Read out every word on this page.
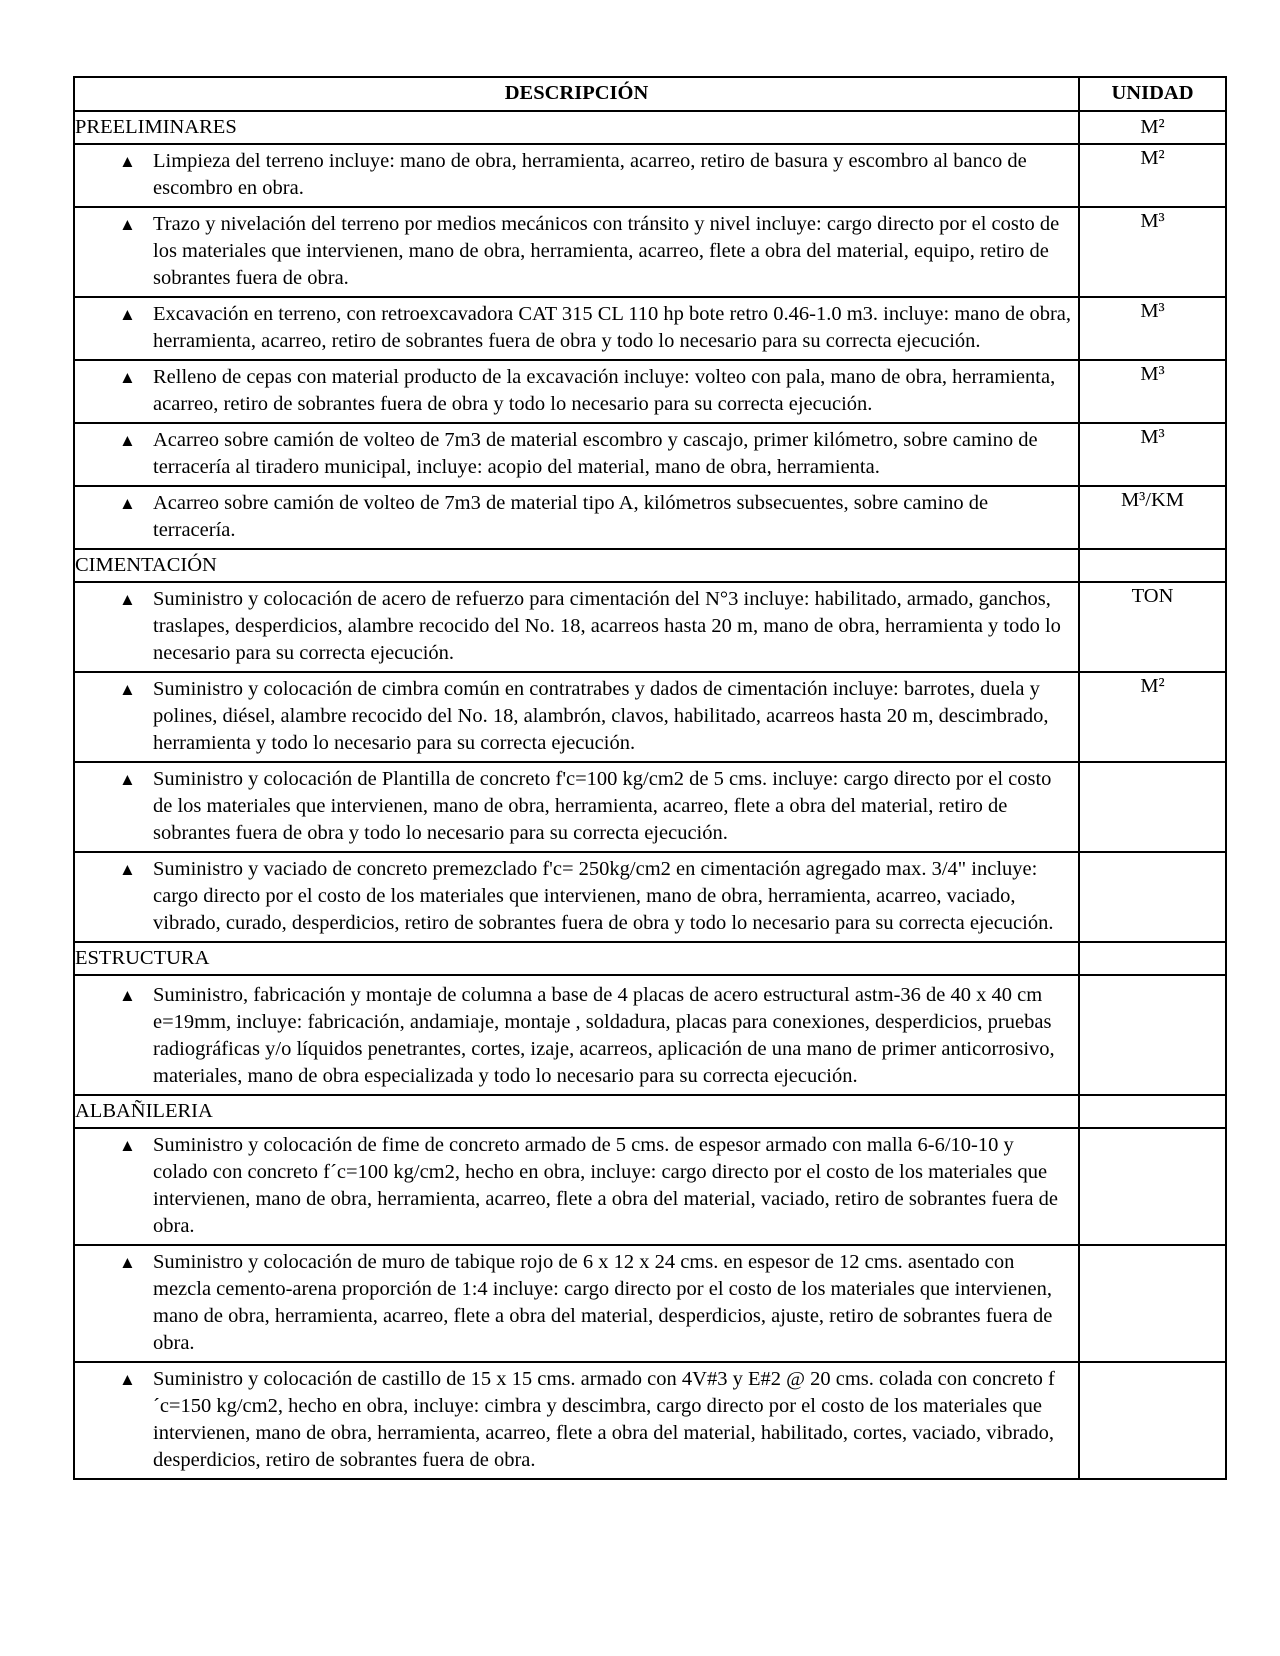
DESCRIPCIÓN	UNIDAD
PREELIMINARES	M²

▲ Limpieza del terreno incluye: mano de obra, herramienta, acarreo, retiro de basura y escombro al banco de escombro en obra.	M²

▲ Trazo y nivelación del terreno por medios mecánicos con tránsito y nivel incluye: cargo directo por el costo de los materiales que intervienen, mano de obra, herramienta, acarreo, flete a obra del material, equipo, retiro de sobrantes fuera de obra.	M³

▲ Excavación en terreno, con retroexcavadora CAT 315 CL 110 hp bote retro 0.46-1.0 m3. incluye: mano de obra, herramienta, acarreo, retiro de sobrantes fuera de obra y todo lo necesario para su correcta ejecución.	M³

▲ Relleno de cepas con material producto de la excavación incluye: volteo con pala, mano de obra, herramienta, acarreo, retiro de sobrantes fuera de obra y todo lo necesario para su correcta ejecución.	M³

▲ Acarreo sobre camión de volteo de 7m3 de material escombro y cascajo, primer kilómetro, sobre camino de terracería al tiradero municipal, incluye: acopio del material, mano de obra, herramienta.	M³

▲ Acarreo sobre camión de volteo de 7m3 de material tipo A, kilómetros subsecuentes, sobre camino de terracería.	M³/KM
CIMENTACIÓN	

▲ Suministro y colocación de acero de refuerzo para cimentación del N°3 incluye: habilitado, armado, ganchos, traslapes, desperdicios, alambre recocido del No. 18, acarreos hasta 20 m, mano de obra, herramienta y todo lo necesario para su correcta ejecución.	TON

▲ Suministro y colocación de cimbra común en contratrabes y dados de cimentación incluye: barrotes, duela y polines, diésel, alambre recocido del No. 18, alambrón, clavos, habilitado, acarreos hasta 20 m, descimbrado, herramienta y todo lo necesario para su correcta ejecución.	M²

▲ Suministro y colocación de Plantilla de concreto f'c=100 kg/cm2 de 5 cms. incluye: cargo directo por el costo de los materiales que intervienen, mano de obra, herramienta, acarreo, flete a obra del material, retiro de sobrantes fuera de obra y todo lo necesario para su correcta ejecución.	

▲ Suministro y vaciado de concreto premezclado f'c= 250kg/cm2 en cimentación agregado max. 3/4" incluye: cargo directo por el costo de los materiales que intervienen, mano de obra, herramienta, acarreo, vaciado, vibrado, curado, desperdicios, retiro de sobrantes fuera de obra y todo lo necesario para su correcta ejecución.	

ESTRUCTURA	

▲ Suministro, fabricación y montaje de columna a base de 4 placas de acero estructural astm-36 de 40 x 40 cm e=19mm, incluye: fabricación, andamiaje, montaje , soldadura, placas para conexiones, desperdicios, pruebas radiográficas y/o líquidos penetrantes, cortes, izaje, acarreos, aplicación de una mano de primer anticorrosivo, materiales, mano de obra especializada y todo lo necesario para su correcta ejecución.	

ALBAÑILERIA	

▲ Suministro y colocación de fime de concreto armado de 5 cms. de espesor armado con malla 6-6/10-10 y colado con concreto f´c=100 kg/cm2, hecho en obra, incluye: cargo directo por el costo de los materiales que intervienen, mano de obra, herramienta, acarreo, flete a obra del material, vaciado, retiro de sobrantes fuera de obra.	

▲ Suministro y colocación de muro de tabique rojo de 6 x 12 x 24 cms. en espesor de 12 cms. asentado con mezcla cemento-arena proporción de 1:4 incluye: cargo directo por el costo de los materiales que intervienen, mano de obra, herramienta, acarreo, flete a obra del material, desperdicios, ajuste, retiro de sobrantes fuera de obra.	

▲ Suministro y colocación de castillo de 15 x 15 cms. armado con 4V#3 y E#2 @ 20 cms. colada con concreto f´c=150 kg/cm2, hecho en obra, incluye: cimbra y descimbra, cargo directo por el costo de los materiales que intervienen, mano de obra, herramienta, acarreo, flete a obra del material, habilitado, cortes, vaciado, vibrado, desperdicios, retiro de sobrantes fuera de obra.	
